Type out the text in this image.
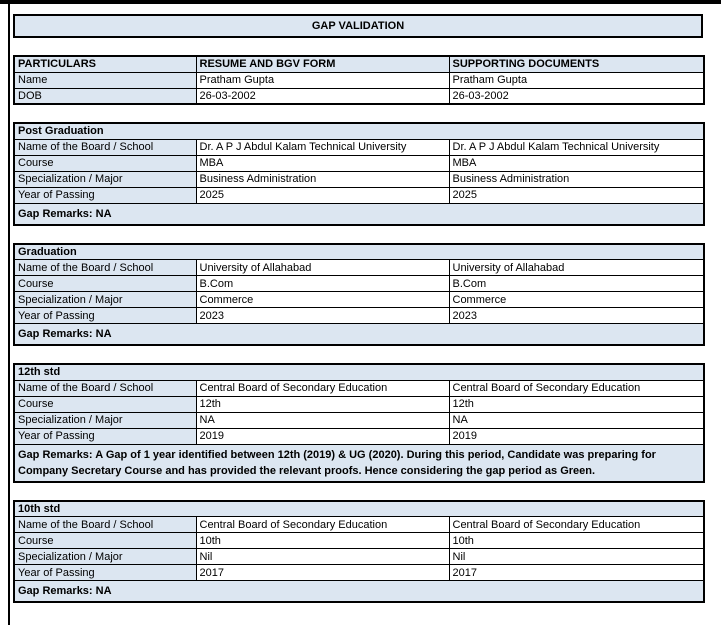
GAP VALIDATION
PARTICULARS	RESUME AND BGV FORM	SUPPORTING DOCUMENTS
Name	Pratham Gupta	Pratham Gupta
DOB	26-03-2002	26-03-2002
Post Graduation		
Name of the Board / School	Dr. A P J Abdul Kalam Technical University	Dr. A P J Abdul Kalam Technical University
Course	MBA	MBA
Specialization / Major	Business Administration	Business Administration
Year of Passing	2025	2025
Gap Remarks: NA		
Graduation		
Name of the Board / School	University of Allahabad	University of Allahabad
Course	B.Com	B.Com
Specialization / Major	Commerce	Commerce
Year of Passing	2023	2023
Gap Remarks: NA		
12th std		
Name of the Board / School	Central Board of Secondary Education	Central Board of Secondary Education
Course	12th	12th
Specialization / Major	NA	NA
Year of Passing	2019	2019
Gap Remarks: A Gap of 1 year identified between 12th (2019) & UG (2020). During this period, Candidate was preparing for Company Secretary Course and has provided the relevant proofs. Hence considering the gap period as Green.		
10th std		
Name of the Board / School	Central Board of Secondary Education	Central Board of Secondary Education
Course	10th	10th
Specialization / Major	Nil	Nil
Year of Passing	2017	2017
Gap Remarks: NA		
